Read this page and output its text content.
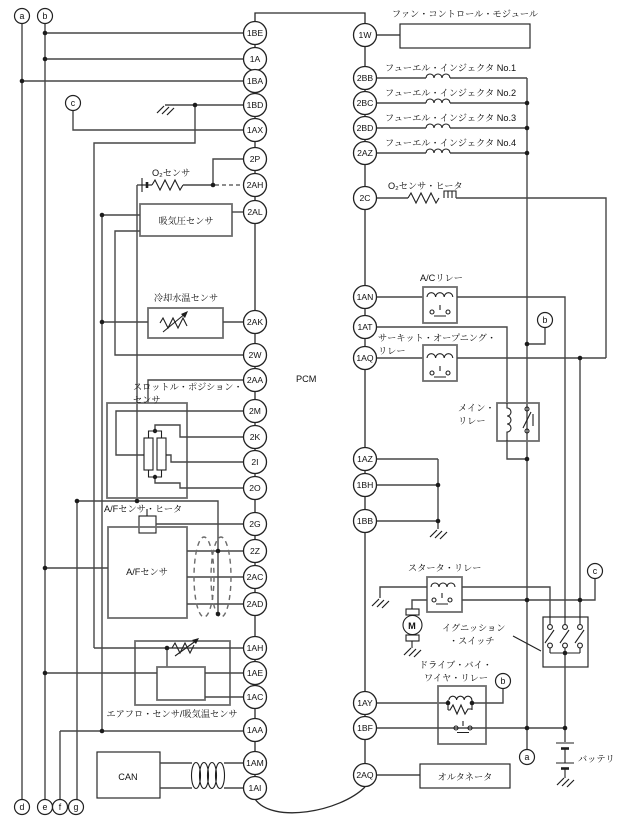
1BE
1A
1BA
1BD
1AX
2P
2AH
2AL
2AK
2W
2AA
2M
2K
2I
2O
2G
2Z
2AC
2AD
1AH
1AE
1AC
1AA
1AM
1AI
1W
2BB
2BC
2BD
2AZ
2C
1AN
1AT
1AQ
1AZ
1BH
1BB
1AY
1BF
2AQ
a b
c
d e f g
b
c
b
a
ファン・コントロール・モジュール
フューエル・インジェクタ No.1
フューエル・インジェクタ No.2
フューエル・インジェクタ No.3
フューエル・インジェクタ No.4
O₂センサ・ヒータ
A/Cリレー
サーキット・オープニング・
リレー
メイン・
リレー
スタータ・リレー
イグニッション
・スイッチ
ドライブ・バイ・
ワイヤ・リレー
オルタネータ
バッテリ
O₂センサ
吸気圧センサ
冷却水温センサ
スロットル・ポジション・
センサ
A/Fセンサ・ヒータ
A/Fセンサ
エアフロ・センサ/吸気温センサ
CAN
PCM
M
